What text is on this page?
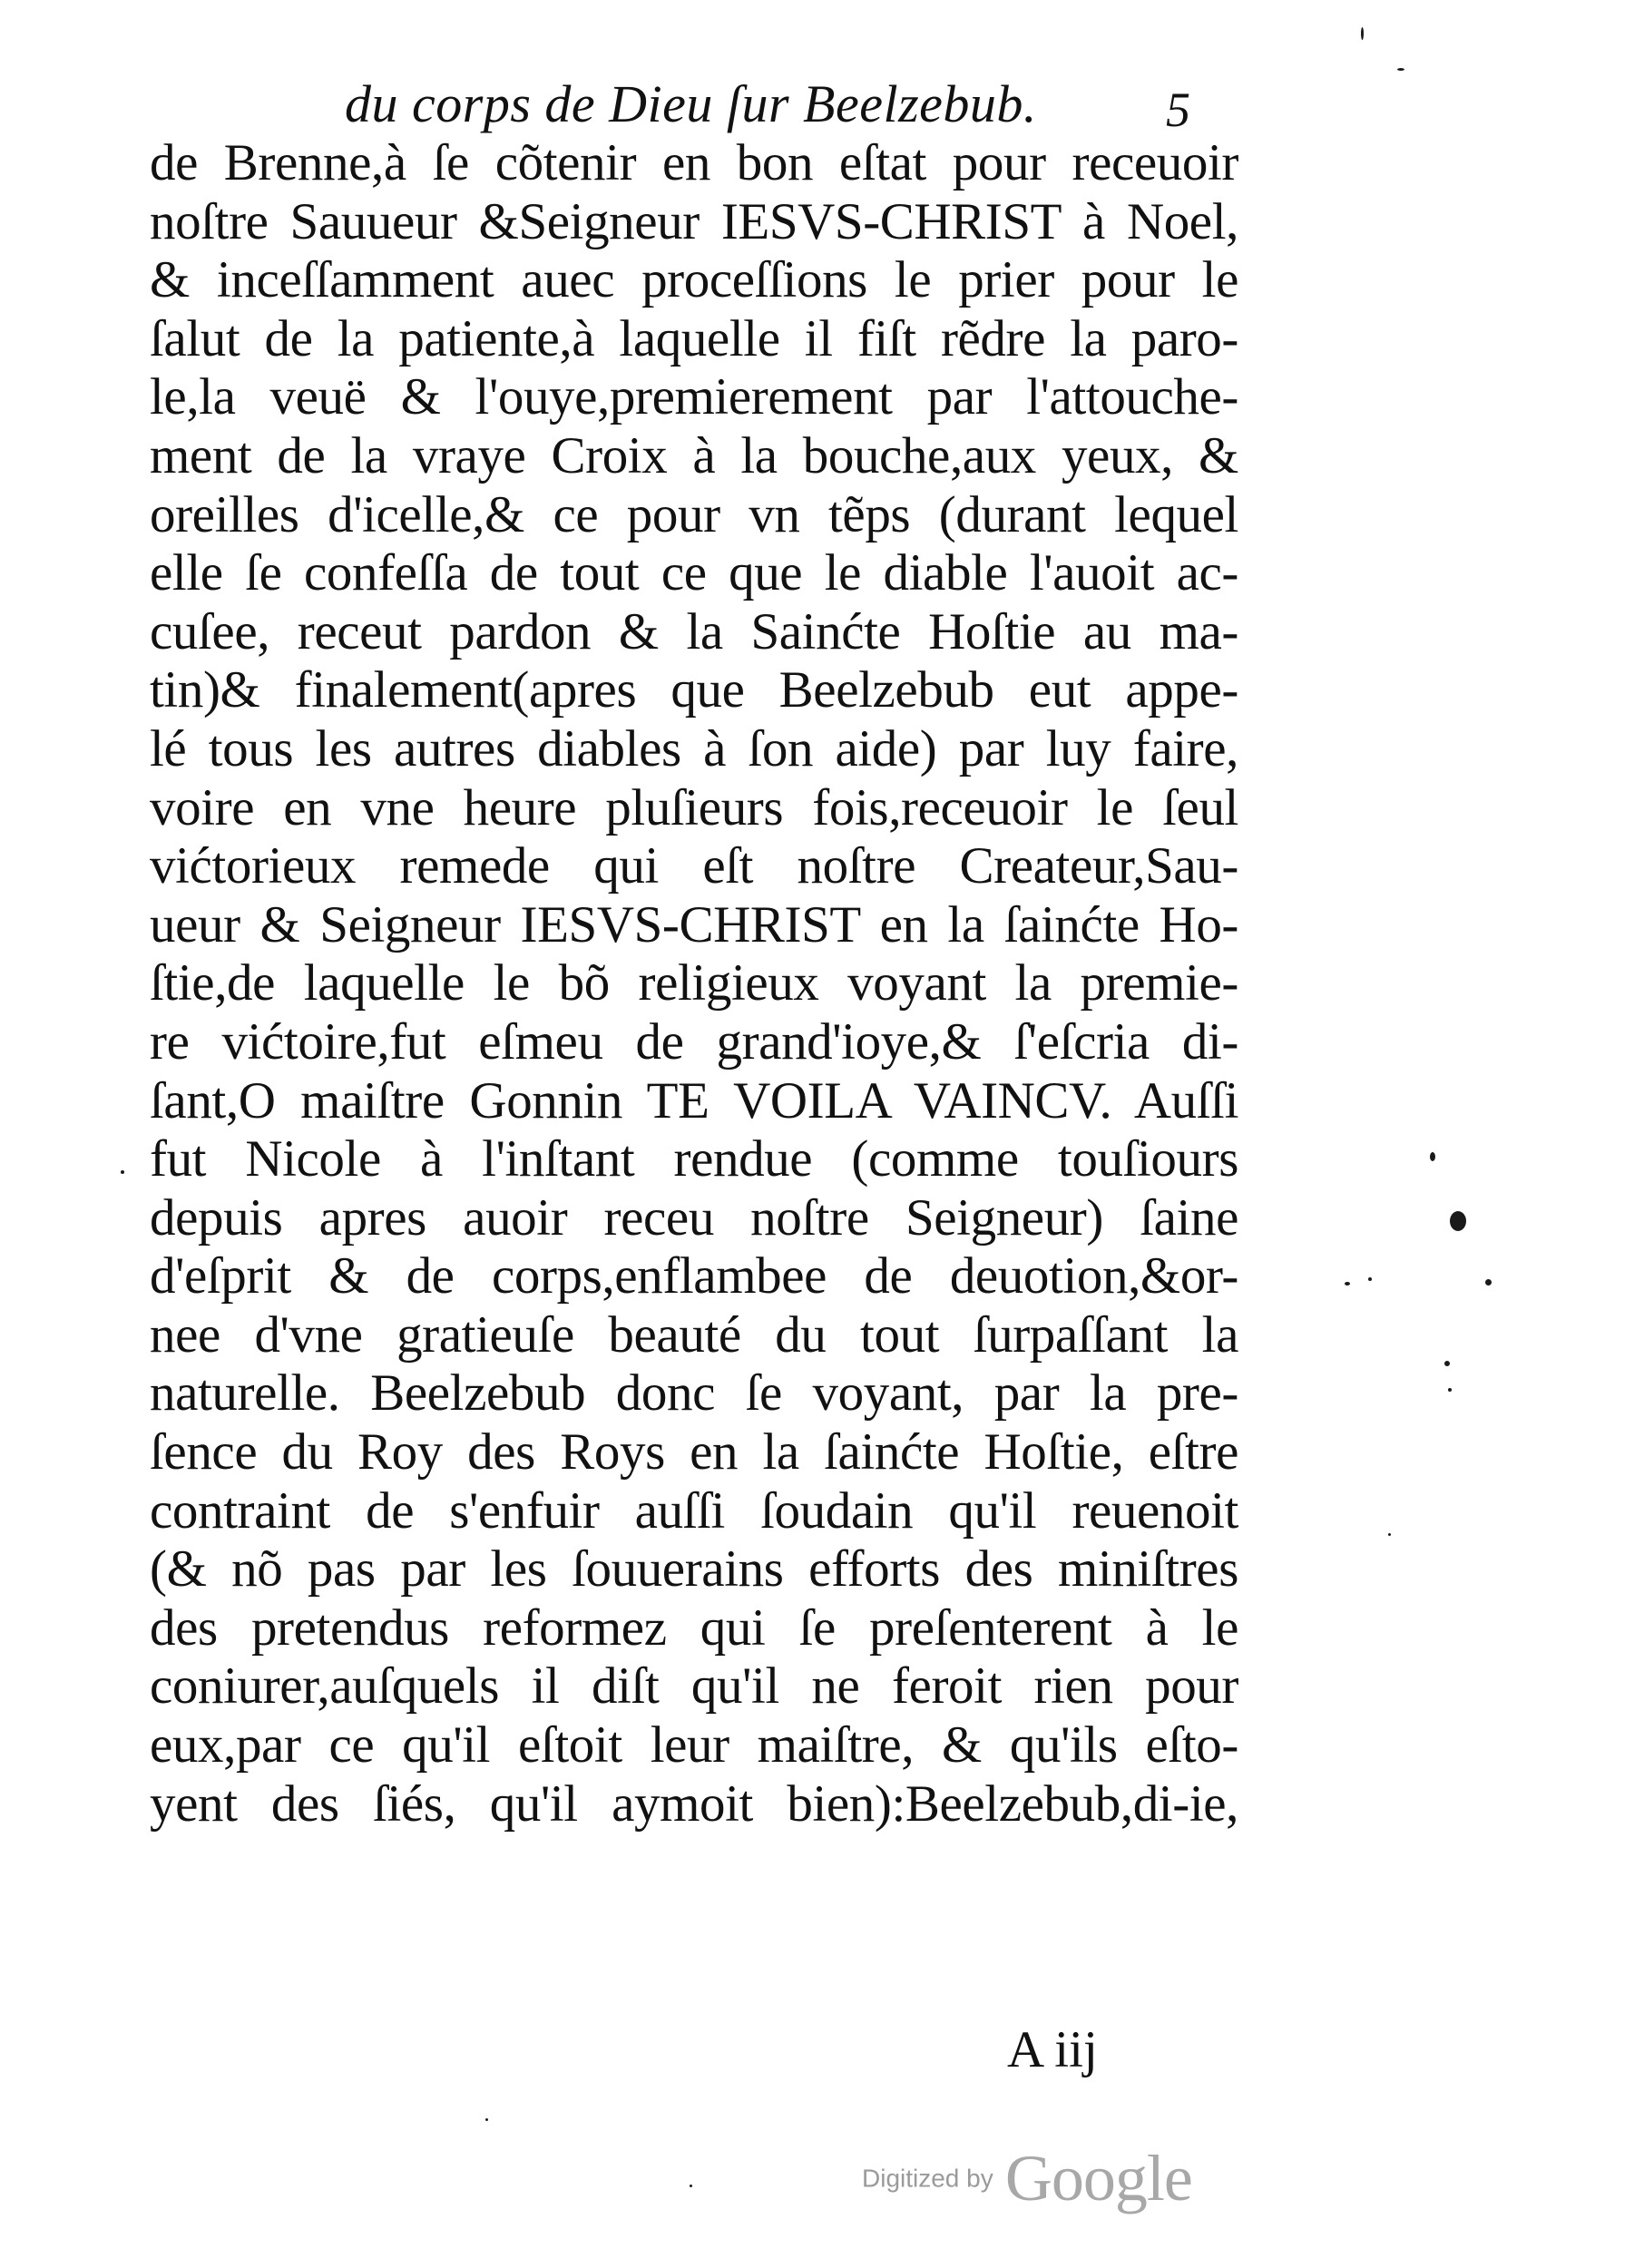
du corps de Dieu ſur Beelzebub.	5
de Brenne,à ſe cõtenir en bon eſtat pour receuoir
noſtre Sauueur &Seigneur IESVS-CHRIST à Noel,
& inceſſamment auec proceſſions le prier pour le
ſalut de la patiente,à laquelle il fiſt rẽdre la paro-
le,la veuë & l'ouye,premierement par l'attouche-
ment de la vraye Croix à la bouche,aux yeux, &
oreilles d'icelle,& ce pour vn tẽps (durant lequel
elle ſe confeſſa de tout ce que le diable l'auoit ac-
cuſee, receut pardon & la Sainćte Hoſtie au ma-
tin)& finalement(apres que Beelzebub eut appe-
lé tous les autres diables à ſon aide) par luy faire,
voire en vne heure pluſieurs fois,receuoir le ſeul
vićtorieux remede qui eſt noſtre Createur,Sau-
ueur & Seigneur IESVS-CHRIST en la ſainćte Ho-
ſtie,de laquelle le bõ religieux voyant la premie-
re vićtoire,fut eſmeu de grand'ioye,& ſ'eſcria di-
ſant,O maiſtre Gonnin TE VOILA VAINCV. Auſſi
fut Nicole à l'inſtant rendue (comme touſiours
depuis apres auoir receu noſtre Seigneur) ſaine
d'eſprit & de corps,enflambee de deuotion,&or-
nee d'vne gratieuſe beauté du tout ſurpaſſant la
naturelle. Beelzebub donc ſe voyant, par la pre-
ſence du Roy des Roys en la ſainćte Hoſtie, eſtre
contraint de s'enfuir auſſi ſoudain qu'il reuenoit
(& nõ pas par les ſouuerains efforts des miniſtres
des pretendus reformez qui ſe preſenterent à le
coniurer,auſquels il diſt qu'il ne feroit rien pour
eux,par ce qu'il eſtoit leur maiſtre, & qu'ils eſto-
yent des ſiés, qu'il aymoit bien):Beelzebub,di-ie,
A iij
Digitized by Google
